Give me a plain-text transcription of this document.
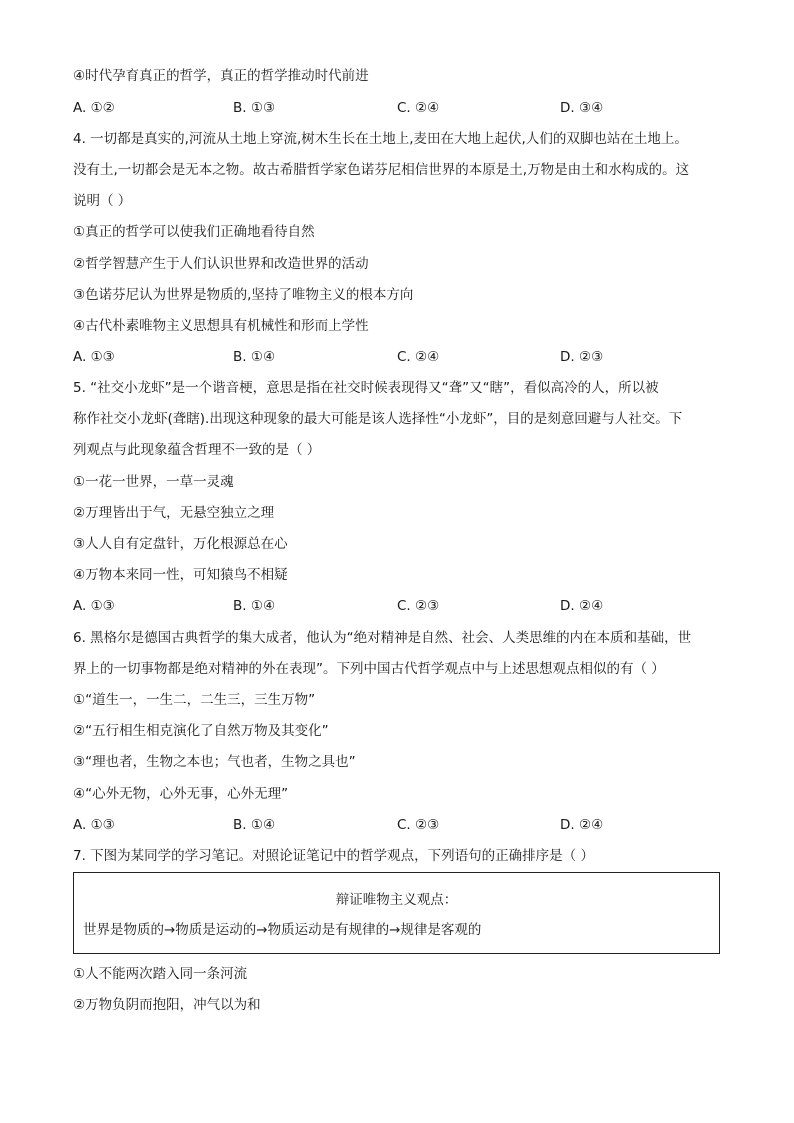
④时代孕育真正的哲学，真正的哲学推动时代前进
A. ①②	B. ①③	C. ②④	D. ③④
4. 一切都是真实的,河流从土地上穿流,树木生长在土地上,麦田在大地上起伏,人们的双脚也站在土地上。
没有土,一切都会是无本之物。故古希腊哲学家色诺芬尼相信世界的本原是土,万物是由土和水构成的。这
说明（ ）
①真正的哲学可以使我们正确地看待自然
②哲学智慧产生于人们认识世界和改造世界的活动
③色诺芬尼认为世界是物质的,坚持了唯物主义的根本方向
④古代朴素唯物主义思想具有机械性和形而上学性
A. ①③	B. ①④	C. ②④	D. ②③
5. “社交小龙虾”是一个谐音梗，意思是指在社交时候表现得又“聋”又“瞎”，看似高冷的人，所以被
称作社交小龙虾(聋瞎).出现这种现象的最大可能是该人选择性“小龙虾”，目的是刻意回避与人社交。下
列观点与此现象蕴含哲理不一致的是（ ）
①一花一世界，一草一灵魂
②万理皆出于气，无悬空独立之理
③人人自有定盘针，万化根源总在心
④万物本来同一性，可知猿鸟不相疑
A. ①③	B. ①④	C. ②③	D. ②④
6. 黑格尔是德国古典哲学的集大成者，他认为“绝对精神是自然、社会、人类思维的内在本质和基础，世
界上的一切事物都是绝对精神的外在表现”。下列中国古代哲学观点中与上述思想观点相似的有（ ）
①“道生一，一生二，二生三，三生万物”
②“五行相生相克演化了自然万物及其变化”
③“理也者，生物之本也；气也者，生物之具也”
④“心外无物，心外无事，心外无理”
A. ①③	B. ①④	C. ②③	D. ②④
7. 下图为某同学的学习笔记。对照论证笔记中的哲学观点，下列语句的正确排序是（ ）
辩证唯物主义观点：
世界是物质的→物质是运动的→物质运动是有规律的→规律是客观的
①人不能两次踏入同一条河流
②万物负阴而抱阳，冲气以为和
